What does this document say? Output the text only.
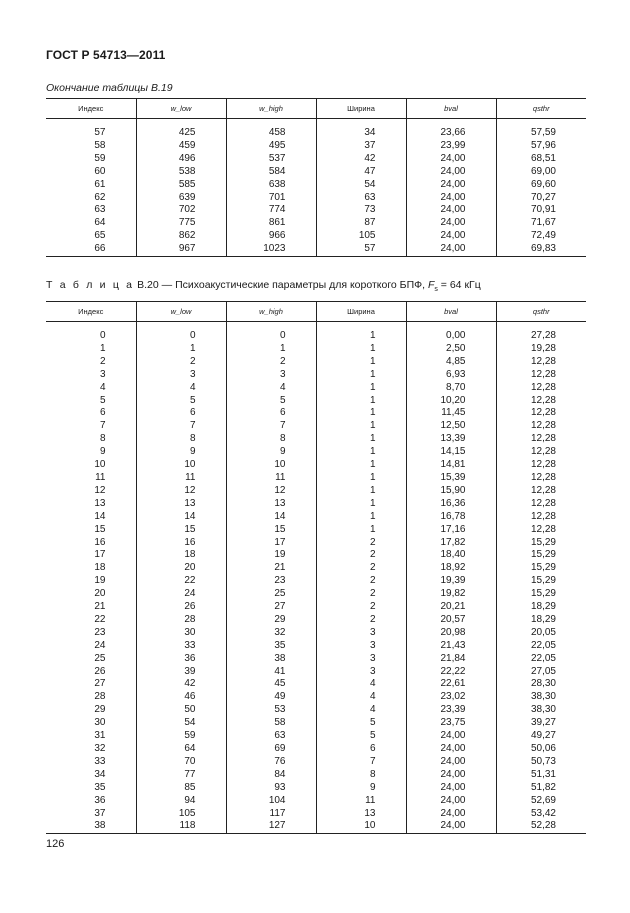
ГОСТ Р 54713—2011
Окончание таблицы В.19
Индекс	w_low	w_high	Ширина	bval	qsthr

57	425	458	34	23,66	57,59
58	459	495	37	23,99	57,96
59	496	537	42	24,00	68,51
60	538	584	47	24,00	69,00
61	585	638	54	24,00	69,60
62	639	701	63	24,00	70,27
63	702	774	73	24,00	70,91
64	775	861	87	24,00	71,67
65	862	966	105	24,00	72,49
66	967	1023	57	24,00	69,83
Т а б л и ц а В.20 — Психоакустические параметры для короткого БПФ, $F_s = 64$ кГц
Индекс	w_low	w_high	Ширина	bval	qsthr

0	0	0	1	0,00	27,28
1	1	1	1	2,50	19,28
2	2	2	1	4,85	12,28
3	3	3	1	6,93	12,28
4	4	4	1	8,70	12,28
5	5	5	1	10,20	12,28
6	6	6	1	11,45	12,28
7	7	7	1	12,50	12,28
8	8	8	1	13,39	12,28
9	9	9	1	14,15	12,28
10	10	10	1	14,81	12,28
11	11	11	1	15,39	12,28
12	12	12	1	15,90	12,28
13	13	13	1	16,36	12,28
14	14	14	1	16,78	12,28
15	15	15	1	17,16	12,28
16	16	17	2	17,82	15,29
17	18	19	2	18,40	15,29
18	20	21	2	18,92	15,29
19	22	23	2	19,39	15,29
20	24	25	2	19,82	15,29
21	26	27	2	20,21	18,29
22	28	29	2	20,57	18,29
23	30	32	3	20,98	20,05
24	33	35	3	21,43	22,05
25	36	38	3	21,84	22,05
26	39	41	3	22,22	27,05
27	42	45	4	22,61	28,30
28	46	49	4	23,02	38,30
29	50	53	4	23,39	38,30
30	54	58	5	23,75	39,27
31	59	63	5	24,00	49,27
32	64	69	6	24,00	50,06
33	70	76	7	24,00	50,73
34	77	84	8	24,00	51,31
35	85	93	9	24,00	51,82
36	94	104	11	24,00	52,69
37	105	117	13	24,00	53,42
38	118	127	10	24,00	52,28
126
